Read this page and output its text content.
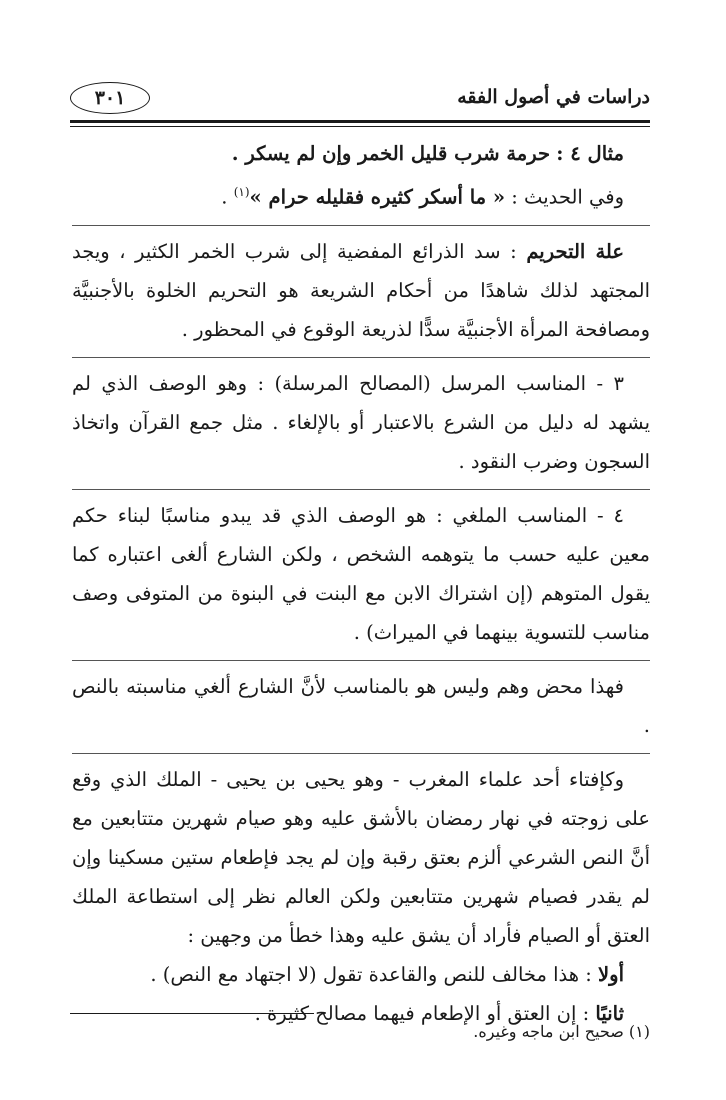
دراسات في أصول الفقه
٣٠١

مثال ٤ : حرمة شرب قليل الخمر وإن لم يسكر .

وفي الحديث : « ما أسكر كثيره فقليله حرام »$^{(١)}$ .

علة التحريم : سد الذرائع المفضية إلى شرب الخمر الكثير ، ويجد المجتهد لذلك شاهدًا من أحكام الشريعة هو التحريم الخلوة بالأجنبيَّة ومصافحة المرأة الأجنبيَّة سدًّا لذريعة الوقوع في المحظور .

٣ - المناسب المرسل (المصالح المرسلة) : وهو الوصف الذي لم يشهد له دليل من الشرع بالاعتبار أو بالإلغاء . مثل جمع القرآن واتخاذ السجون وضرب النقود .

٤ - المناسب الملغي : هو الوصف الذي قد يبدو مناسبًا لبناء حكم معين عليه حسب ما يتوهمه الشخص ، ولكن الشارع ألغى اعتباره كما يقول المتوهم (إن اشتراك الابن مع البنت في البنوة من المتوفى وصف مناسب للتسوية بينهما في الميراث) .

فهذا محض وهم وليس هو بالمناسب لأنَّ الشارع ألغي مناسبته بالنص .

وكإفتاء أحد علماء المغرب - وهو يحيى بن يحيى - الملك الذي وقع على زوجته في نهار رمضان بالأشق عليه وهو صيام شهرين متتابعين مع أنَّ النص الشرعي ألزم بعتق رقبة وإن لم يجد فإطعام ستين مسكينا وإن لم يقدر فصيام شهرين متتابعين ولكن العالم نظر إلى استطاعة الملك العتق أو الصيام فأراد أن يشق عليه وهذا خطأ من وجهين :

أولا : هذا مخالف للنص والقاعدة تقول (لا اجتهاد مع النص) .

ثانيًا : إن العتق أو الإطعام فيهما مصالح كثيرة .

(١) صحيح ابن ماجه وغيره.
